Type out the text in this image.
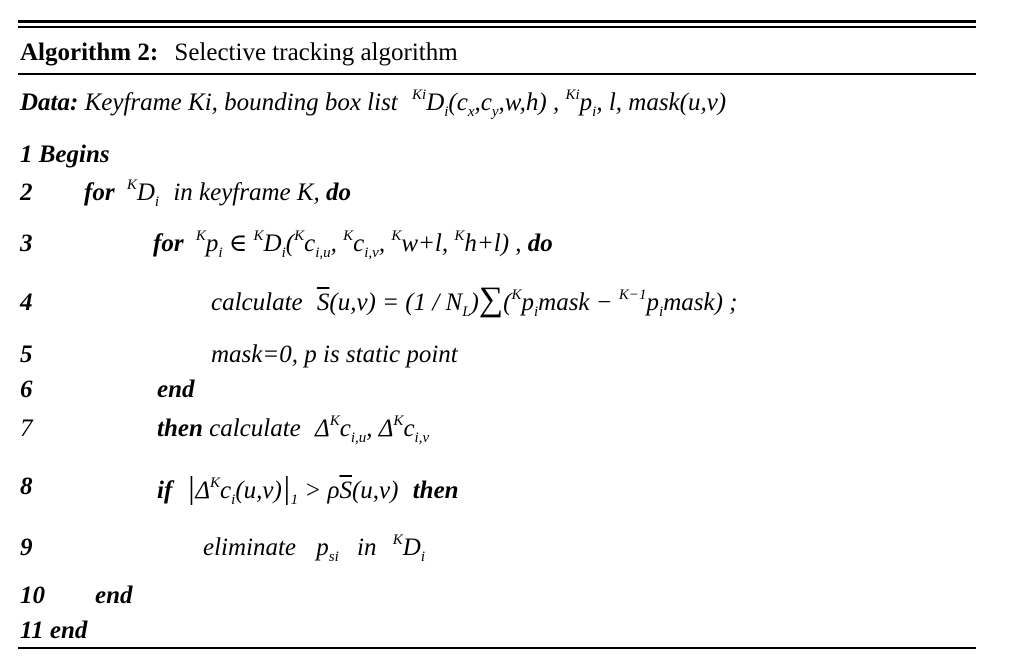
Algorithm 2: Selective tracking algorithm
Data: Keyframe Ki, bounding box list $^{Ki}D_i(c_x,c_y,w,h)$ , $^{Ki}p_i$, l, mask(u,v)
1 Begins
2 for $^KD_i$ in keyframe K, do
3	for $^Kp_i$ ∈ $^KD_i(^Kc_{i,u}$, $^Kc_{i,v}$, $^K$w+l, $^K$h+l) , do
4	calculate $\overline{S}(u,v) = (1$ / $N_L)\sum(^Kp_imask$ − $^{K-1}p_imask$) ;
5	mask=0, p is static point
6	end
7	then calculate $\Delta^Kc_{i,u}$, $\Delta^Kc_{i,v}$
8	if $|\Delta^Kc_i(u,v)|_1 > \rho\overline{S}(u,v)$ then
9	eliminate $p_{si}$ in $^KD_i$
10 end
11 end
